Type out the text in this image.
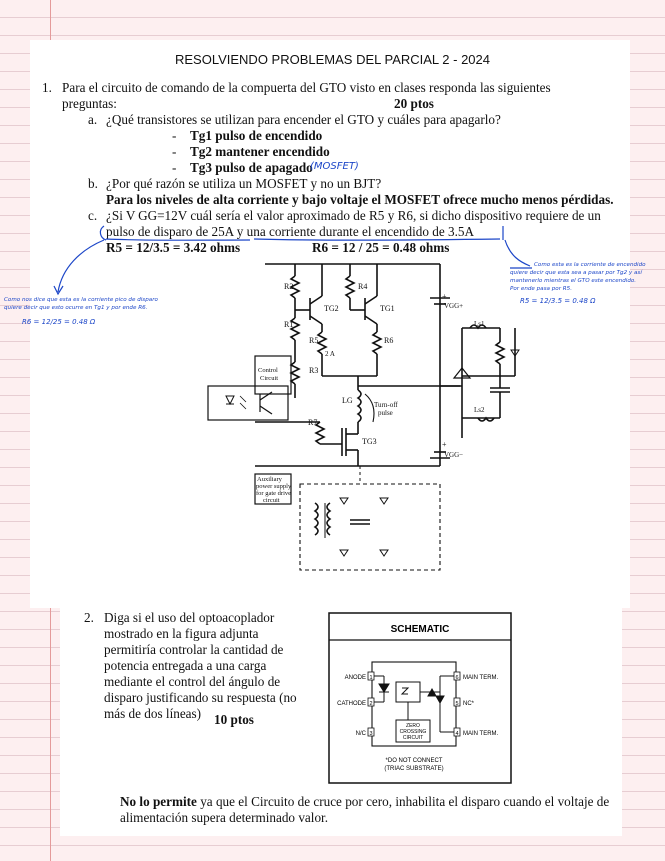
RESOLVIENDO PROBLEMAS DEL PARCIAL 2 - 2024
1. Para el circuito de comando de la compuerta del GTO visto en clases responda las siguientes
preguntas:	20 ptos
a. ¿Qué transistores se utilizan para encender el GTO y cuáles para apagarlo?
- Tg1 pulso de encendido
- Tg2 mantener encendido
- Tg3 pulso de apagado
(MOSFET)
b. ¿Por qué razón se utiliza un MOSFET y no un BJT?
Para los niveles de alta corriente y bajo voltaje el MOSFET ofrece mucho menos pérdidas.
c. ¿Si V GG=12V cuál sería el valor aproximado de R5 y R6, si dicho dispositivo requiere de un
pulso de disparo de 25A y una corriente durante el encendido de 3.5A
R5 = 12/3.5 = 3.42 ohms	R6 = 12 / 25 = 0.48 ohms
Como nos dice que esta es la corriente pico de disparo
quiere decir que esto ocurre en Tg1 y por ende R6.
R6 = 12/25 = 0.48 Ω
Como esta es la corriente de encendido
quiere decir que esta sea a pasar por Tg2 y así
mantenerlo mientras el GTO este encendido.
Por ende pasa por R5.
R5 = 12/3.5 = 0.48 Ω
R2
R1
R4
TG2	TG1
R5	R6
2 A
R3
LG	Turn-off
pulse
R7
TG3
+
VGG+
+
VGG−
Control
Circuit
Auxiliary
power supply
for gate drive
circuit
Ls1
Ls2
2. Diga si el uso del optoacoplador
mostrado en la figura adjunta
permitiría controlar la cantidad de
potencia entregada a una carga
mediante el control del ángulo de
disparo justificando su respuesta (no
más de dos líneas) 10 ptos
SCHEMATIC
ANODE
CATHODE
N/C
1
2
3	4
5
6 MAIN TERM.
NC*
MAIN TERM.
ZERO
CROSSING
CIRCUIT
*DO NOT CONNECT
(TRIAC SUBSTRATE)
No lo permite ya que el Circuito de cruce por cero, inhabilita el disparo cuando el voltaje de
alimentación supera determinado valor.
